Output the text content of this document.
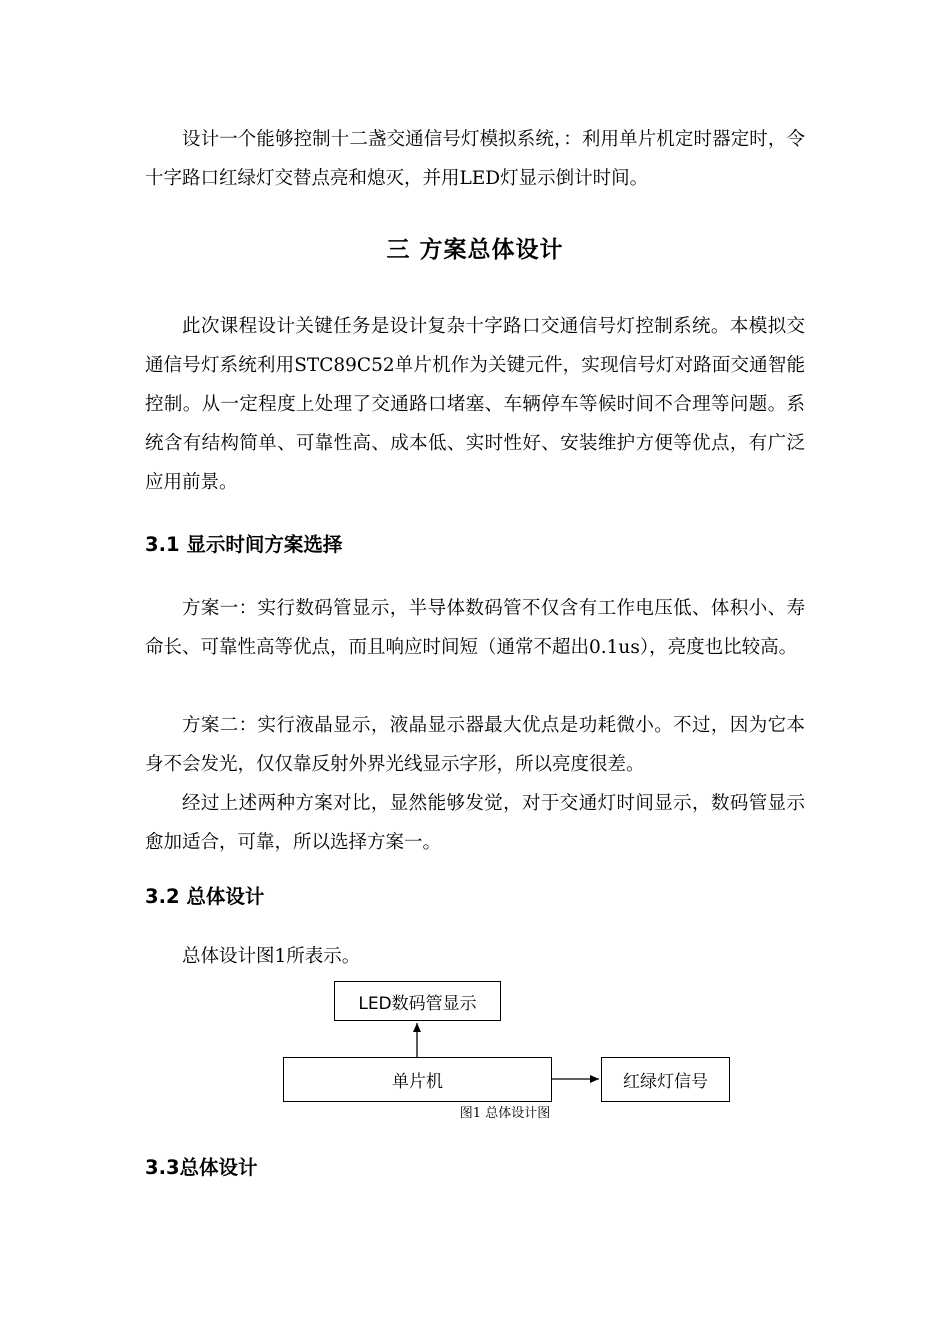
设计一个能够控制十二盏交通信号灯模拟系统，：利用单片机定时器定时，令十字路口红绿灯交替点亮和熄灭，并用LED灯显示倒计时间。

三 方案总体设计

此次课程设计关键任务是设计复杂十字路口交通信号灯控制系统。本模拟交通信号灯系统利用STC89C52单片机作为关键元件，实现信号灯对路面交通智能控制。从一定程度上处理了交通路口堵塞、车辆停车等候时间不合理等问题。系统含有结构简单、可靠性高、成本低、实时性好、安装维护方便等优点，有广泛应用前景。

3.1 显示时间方案选择

方案一：实行数码管显示，半导体数码管不仅含有工作电压低、体积小、寿命长、可靠性高等优点，而且响应时间短（通常不超出0.1us），亮度也比较高。

方案二：实行液晶显示，液晶显示器最大优点是功耗微小。不过，因为它本身不会发光，仅仅靠反射外界光线显示字形，所以亮度很差。

经过上述两种方案对比，显然能够发觉，对于交通灯时间显示，数码管显示愈加适合，可靠，所以选择方案一。

3.2 总体设计

总体设计图1所表示。

LED数码管显示
单片机	红绿灯信号

图1 总体设计图

3.3总体设计
